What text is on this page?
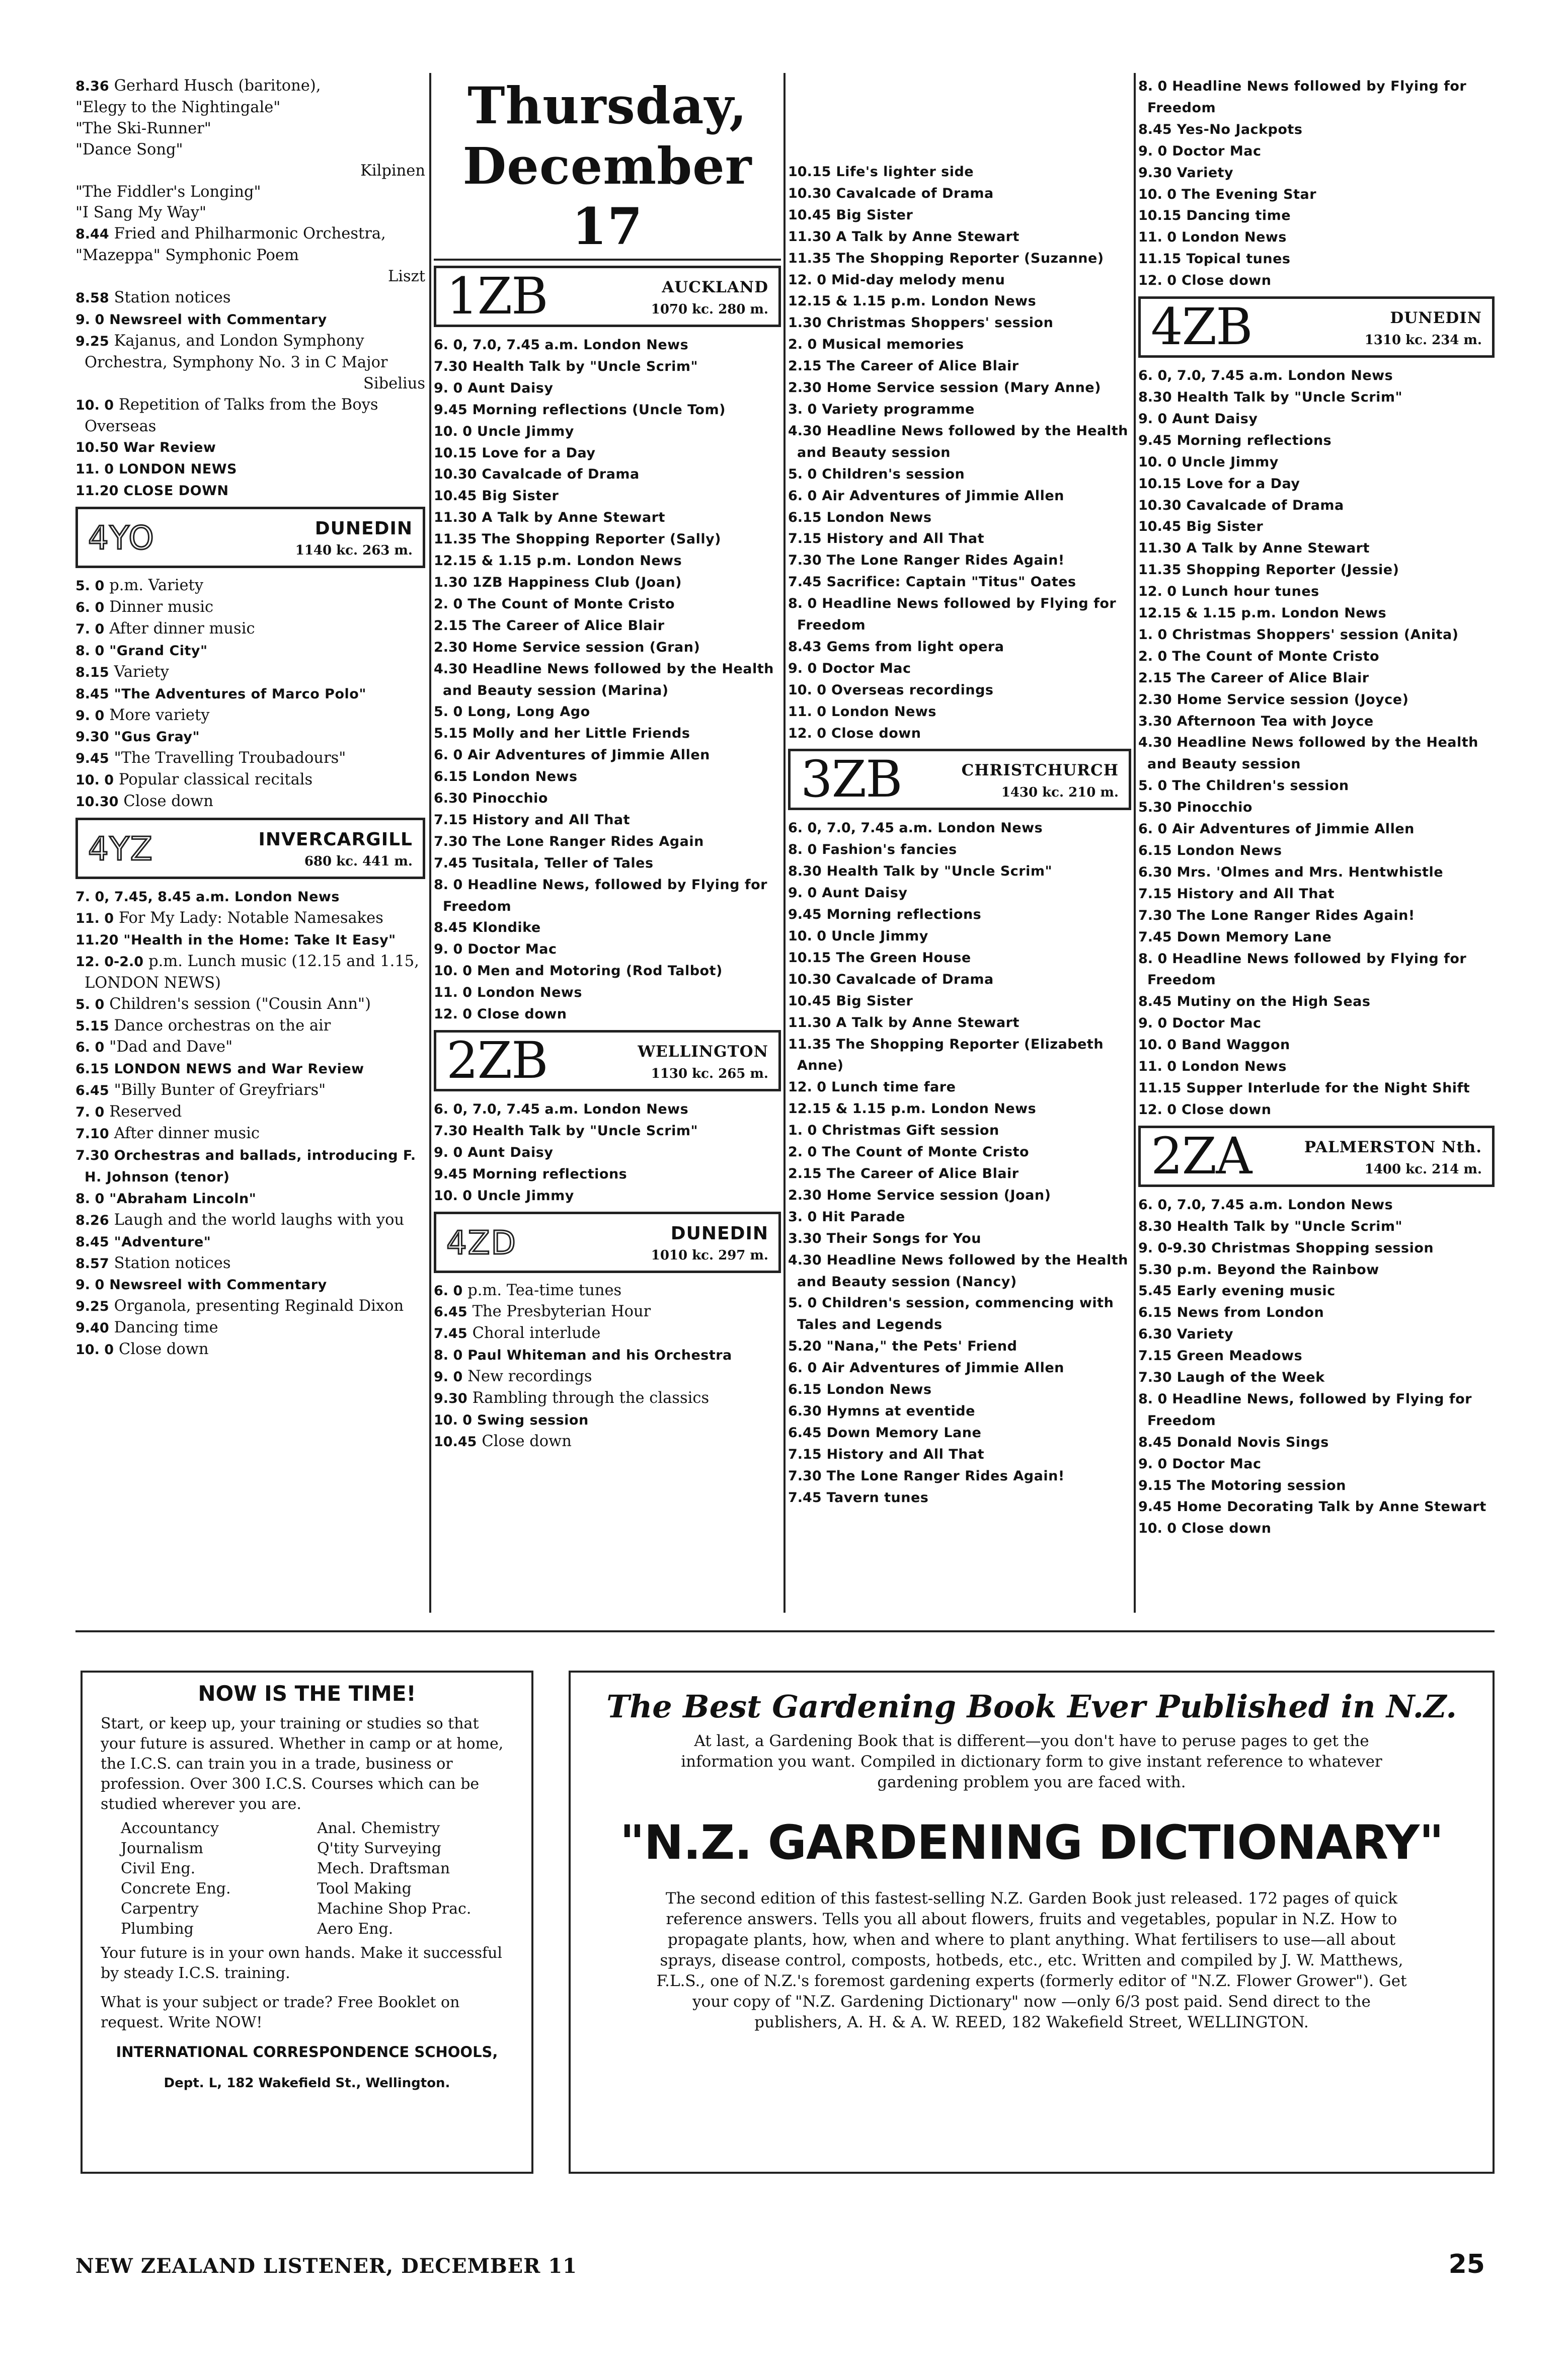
8.36 Gerhard Husch (baritone),

"Elegy to the Nightingale"

"The Ski-Runner"

"Dance Song"

Kilpinen

"The Fiddler's Longing"

"I Sang My Way"

8.44 Fried and Philharmonic Orchestra,

"Mazeppa" Symphonic Poem

Liszt

8.58 Station notices

9. 0 Newsreel with Commentary

9.25 Kajanus, and London Symphony Orchestra, Symphony No. 3 in C Major

Sibelius

10. 0 Repetition of Talks from the Boys Overseas

10.50 War Review

11. 0 LONDON NEWS

11.20 CLOSE DOWN

4YO	DUNEDIN
1140 kc. 263 m.

5. 0 p.m. Variety

6. 0 Dinner music

7. 0 After dinner music

8. 0 "Grand City"

8.15 Variety

8.45 "The Adventures of Marco Polo"

9. 0 More variety

9.30 "Gus Gray"

9.45 "The Travelling Troubadours"

10. 0 Popular classical recitals

10.30 Close down

4YZ	INVERCARGILL
680 kc. 441 m.

7. 0, 7.45, 8.45 a.m. London News

11. 0 For My Lady: Notable Namesakes

11.20 "Health in the Home: Take It Easy"

12. 0-2.0 p.m. Lunch music (12.15 and 1.15, LONDON NEWS)

5. 0 Children's session ("Cousin Ann")

5.15 Dance orchestras on the air

6. 0 "Dad and Dave"

6.15 LONDON NEWS and War Review

6.45 "Billy Bunter of Greyfriars"

7. 0 Reserved

7.10 After dinner music

7.30 Orchestras and ballads, introducing F. H. Johnson (tenor)

8. 0 "Abraham Lincoln"

8.26 Laugh and the world laughs with you

8.45 "Adventure"

8.57 Station notices

9. 0 Newsreel with Commentary

9.25 Organola, presenting Reginald Dixon

9.40 Dancing time

10. 0 Close down

Thursday, December 17
1ZB	AUCKLAND
1070 kc. 280 m.

6. 0, 7.0, 7.45 a.m. London News

7.30 Health Talk by "Uncle Scrim"

9. 0 Aunt Daisy

9.45 Morning reflections (Uncle Tom)

10. 0 Uncle Jimmy

10.15 Love for a Day

10.30 Cavalcade of Drama

10.45 Big Sister

11.30 A Talk by Anne Stewart

11.35 The Shopping Reporter (Sally)

12.15 & 1.15 p.m. London News

1.30 1ZB Happiness Club (Joan)

2. 0 The Count of Monte Cristo

2.15 The Career of Alice Blair

2.30 Home Service session (Gran)

4.30 Headline News followed by the Health and Beauty session (Marina)

5. 0 Long, Long Ago

5.15 Molly and her Little Friends

6. 0 Air Adventures of Jimmie Allen

6.15 London News

6.30 Pinocchio

7.15 History and All That

7.30 The Lone Ranger Rides Again

7.45 Tusitala, Teller of Tales

8. 0 Headline News, followed by Flying for Freedom

8.45 Klondike

9. 0 Doctor Mac

10. 0 Men and Motoring (Rod Talbot)

11. 0 London News

12. 0 Close down

2ZB	WELLINGTON
1130 kc. 265 m.

6. 0, 7.0, 7.45 a.m. London News

7.30 Health Talk by "Uncle Scrim"

9. 0 Aunt Daisy

9.45 Morning reflections

10. 0 Uncle Jimmy

4ZD	DUNEDIN
1010 kc. 297 m.

6. 0 p.m. Tea-time tunes

6.45 The Presbyterian Hour

7.45 Choral interlude

8. 0 Paul Whiteman and his Orchestra

9. 0 New recordings

9.30 Rambling through the classics

10. 0 Swing session

10.45 Close down

10.15 Life's lighter side

10.30 Cavalcade of Drama

10.45 Big Sister

11.30 A Talk by Anne Stewart

11.35 The Shopping Reporter (Suzanne)

12. 0 Mid-day melody menu

12.15 & 1.15 p.m. London News

1.30 Christmas Shoppers' session

2. 0 Musical memories

2.15 The Career of Alice Blair

2.30 Home Service session (Mary Anne)

3. 0 Variety programme

4.30 Headline News followed by the Health and Beauty session

5. 0 Children's session

6. 0 Air Adventures of Jimmie Allen

6.15 London News

7.15 History and All That

7.30 The Lone Ranger Rides Again!

7.45 Sacrifice: Captain "Titus" Oates

8. 0 Headline News followed by Flying for Freedom

8.43 Gems from light opera

9. 0 Doctor Mac

10. 0 Overseas recordings

11. 0 London News

12. 0 Close down

3ZB	CHRISTCHURCH
1430 kc. 210 m.

6. 0, 7.0, 7.45 a.m. London News

8. 0 Fashion's fancies

8.30 Health Talk by "Uncle Scrim"

9. 0 Aunt Daisy

9.45 Morning reflections

10. 0 Uncle Jimmy

10.15 The Green House

10.30 Cavalcade of Drama

10.45 Big Sister

11.30 A Talk by Anne Stewart

11.35 The Shopping Reporter (Elizabeth Anne)

12. 0 Lunch time fare

12.15 & 1.15 p.m. London News

1. 0 Christmas Gift session

2. 0 The Count of Monte Cristo

2.15 The Career of Alice Blair

2.30 Home Service session (Joan)

3. 0 Hit Parade

3.30 Their Songs for You

4.30 Headline News followed by the Health and Beauty session (Nancy)

5. 0 Children's session, commencing with Tales and Legends

5.20 "Nana," the Pets' Friend

6. 0 Air Adventures of Jimmie Allen

6.15 London News

6.30 Hymns at eventide

6.45 Down Memory Lane

7.15 History and All That

7.30 The Lone Ranger Rides Again!

7.45 Tavern tunes

8. 0 Headline News followed by Flying for Freedom

8.45 Yes-No Jackpots

9. 0 Doctor Mac

9.30 Variety

10. 0 The Evening Star

10.15 Dancing time

11. 0 London News

11.15 Topical tunes

12. 0 Close down

4ZB	DUNEDIN
1310 kc. 234 m.

6. 0, 7.0, 7.45 a.m. London News

8.30 Health Talk by "Uncle Scrim"

9. 0 Aunt Daisy

9.45 Morning reflections

10. 0 Uncle Jimmy

10.15 Love for a Day

10.30 Cavalcade of Drama

10.45 Big Sister

11.30 A Talk by Anne Stewart

11.35 Shopping Reporter (Jessie)

12. 0 Lunch hour tunes

12.15 & 1.15 p.m. London News

1. 0 Christmas Shoppers' session (Anita)

2. 0 The Count of Monte Cristo

2.15 The Career of Alice Blair

2.30 Home Service session (Joyce)

3.30 Afternoon Tea with Joyce

4.30 Headline News followed by the Health and Beauty session

5. 0 The Children's session

5.30 Pinocchio

6. 0 Air Adventures of Jimmie Allen

6.15 London News

6.30 Mrs. 'Olmes and Mrs. Hentwhistle

7.15 History and All That

7.30 The Lone Ranger Rides Again!

7.45 Down Memory Lane

8. 0 Headline News followed by Flying for Freedom

8.45 Mutiny on the High Seas

9. 0 Doctor Mac

10. 0 Band Waggon

11. 0 London News

11.15 Supper Interlude for the Night Shift

12. 0 Close down

2ZA	PALMERSTON Nth.
1400 kc. 214 m.

6. 0, 7.0, 7.45 a.m. London News

8.30 Health Talk by "Uncle Scrim"

9. 0-9.30 Christmas Shopping session

5.30 p.m. Beyond the Rainbow

5.45 Early evening music

6.15 News from London

6.30 Variety

7.15 Green Meadows

7.30 Laugh of the Week

8. 0 Headline News, followed by Flying for Freedom

8.45 Donald Novis Sings

9. 0 Doctor Mac

9.15 The Motoring session

9.45 Home Decorating Talk by Anne Stewart

10. 0 Close down

NOW IS THE TIME!
Start, or keep up, your training or studies so that your future is assured. Whether in camp or at home, the I.C.S. can train you in a trade, business or profession. Over 300 I.C.S. Courses which can be studied wherever you are.
Accountancy	Anal. Chemistry
Journalism	Q'tity Surveying
Civil Eng.	Mech. Draftsman
Concrete Eng.	Tool Making
Carpentry	Machine Shop Prac.
Plumbing	Aero Eng.
Your future is in your own hands. Make it successful by steady I.C.S. training.
What is your subject or trade? Free Booklet on request. Write NOW!
INTERNATIONAL CORRESPONDENCE SCHOOLS,
Dept. L, 182 Wakefield St., Wellington.
The Best Gardening Book Ever Published in N.Z.
At last, a Gardening Book that is different—you don't have to peruse pages to get the information you want. Compiled in dictionary form to give instant reference to whatever gardening problem you are faced with.
"N.Z. GARDENING DICTIONARY"
The second edition of this fastest-selling N.Z. Garden Book just released. 172 pages of quick reference answers. Tells you all about flowers, fruits and vegetables, popular in N.Z. How to propagate plants, how, when and where to plant anything. What fertilisers to use—all about sprays, disease control, composts, hotbeds, etc., etc. Written and compiled by J. W. Matthews, F.L.S., one of N.Z.'s foremost gardening experts (formerly editor of "N.Z. Flower Grower"). Get your copy of "N.Z. Gardening Dictionary" now —only 6/3 post paid. Send direct to the publishers, A. H. & A. W. REED, 182 Wakefield Street, WELLINGTON.
NEW ZEALAND LISTENER, DECEMBER 11	25
